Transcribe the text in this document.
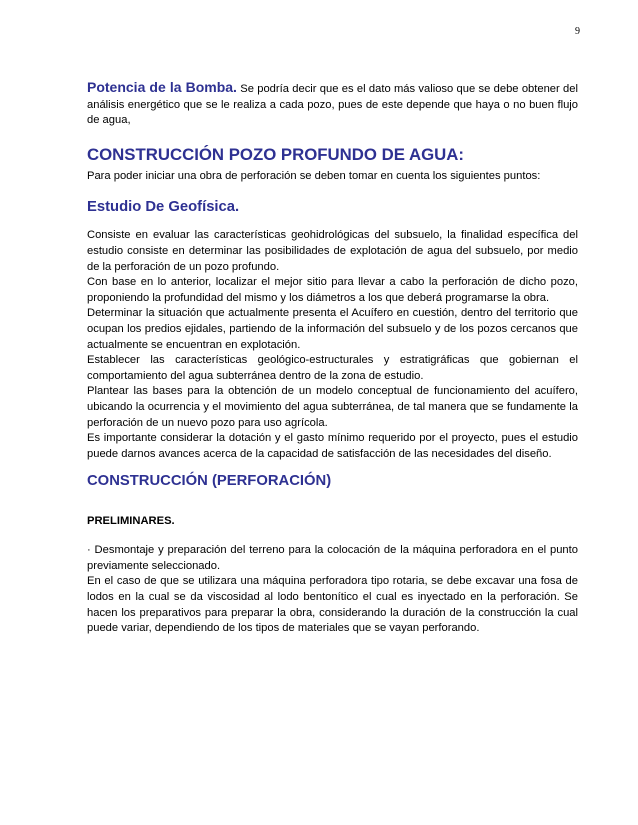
9

Potencia de la Bomba. Se podría decir que es el dato más valioso que se debe obtener del análisis energético que se le realiza a cada pozo, pues de este depende que haya o no buen flujo de agua,

CONSTRUCCIÓN POZO PROFUNDO DE AGUA:

Para poder iniciar una obra de perforación se deben tomar en cuenta los siguientes puntos:

Estudio De Geofísica.

Consiste en evaluar las características geohidrológicas del subsuelo, la finalidad específica del estudio consiste en determinar las posibilidades de explotación de agua del subsuelo, por medio de la perforación de un pozo profundo.

Con base en lo anterior, localizar el mejor sitio para llevar a cabo la perforación de dicho pozo, proponiendo la profundidad del mismo y los diámetros a los que deberá programarse la obra.

Determinar la situación que actualmente presenta el Acuífero en cuestión, dentro del territorio que ocupan los predios ejidales, partiendo de la información del subsuelo y de los pozos cercanos que actualmente se encuentran en explotación.

Establecer las características geológico-estructurales y estratigráficas que gobiernan el comportamiento del agua subterránea dentro de la zona de estudio.

Plantear las bases para la obtención de un modelo conceptual de funcionamiento del acuífero, ubicando la ocurrencia y el movimiento del agua subterránea, de tal manera que se fundamente la perforación de un nuevo pozo para uso agrícola.

Es importante considerar la dotación y el gasto mínimo requerido por el proyecto, pues el estudio puede darnos avances acerca de la capacidad de satisfacción de las necesidades del diseño.

CONSTRUCCIÓN (PERFORACIÓN)
PRELIMINARES.

· Desmontaje y preparación del terreno para la colocación de la máquina perforadora en el punto previamente seleccionado.

En el caso de que se utilizara una máquina perforadora tipo rotaria, se debe excavar una fosa de lodos en la cual se da viscosidad al lodo bentonítico el cual es inyectado en la perforación. Se hacen los preparativos para preparar la obra, considerando la duración de la construcción la cual puede variar, dependiendo de los tipos de materiales que se vayan perforando.
